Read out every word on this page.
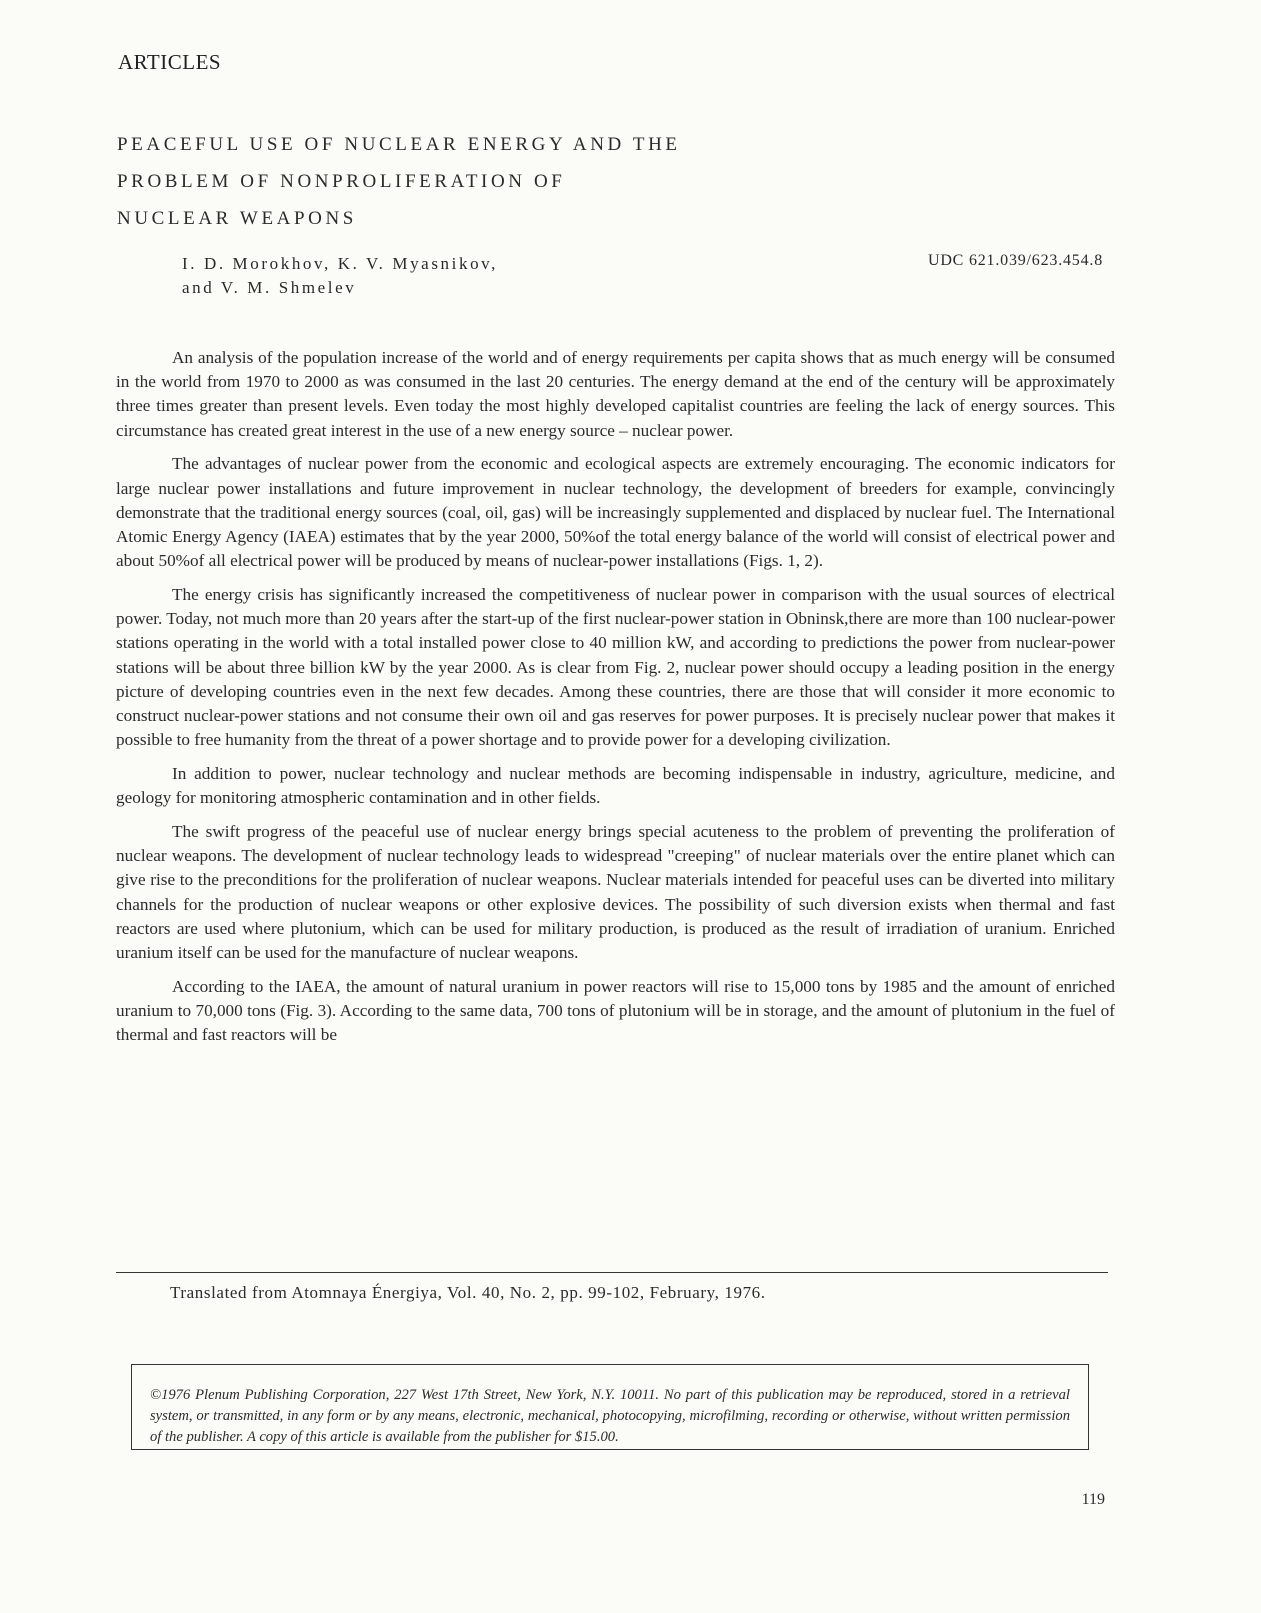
ARTICLES
PEACEFUL USE OF NUCLEAR ENERGY AND THE
PROBLEM OF NONPROLIFERATION OF
NUCLEAR WEAPONS
I. D. Morokhov, K. V. Myasnikov,
and V. M. Shmelev
UDC 621.039/623.454.8

An analysis of the population increase of the world and of energy requirements per capita shows that as much energy will be consumed in the world from 1970 to 2000 as was consumed in the last 20 centuries. The energy demand at the end of the century will be approximately three times greater than present levels. Even today the most highly developed capitalist countries are feeling the lack of energy sources. This circumstance has created great interest in the use of a new energy source – nuclear power.

The advantages of nuclear power from the economic and ecological aspects are extremely encouraging. The economic indicators for large nuclear power installations and future improvement in nuclear technology, the development of breeders for example, convincingly demonstrate that the traditional energy sources (coal, oil, gas) will be increasingly supplemented and displaced by nuclear fuel. The International Atomic Energy Agency (IAEA) estimates that by the year 2000, 50%of the total energy balance of the world will consist of electrical power and about 50%of all electrical power will be produced by means of nuclear-power installations (Figs. 1, 2).

The energy crisis has significantly increased the competitiveness of nuclear power in comparison with the usual sources of electrical power. Today, not much more than 20 years after the start-up of the first nuclear-power station in Obninsk,there are more than 100 nuclear-power stations operating in the world with a total installed power close to 40 million kW, and according to predictions the power from nuclear-power stations will be about three billion kW by the year 2000. As is clear from Fig. 2, nuclear power should occupy a leading position in the energy picture of developing countries even in the next few decades. Among these countries, there are those that will consider it more economic to construct nuclear-power stations and not consume their own oil and gas reserves for power purposes. It is precisely nuclear power that makes it possible to free humanity from the threat of a power shortage and to provide power for a developing civilization.

In addition to power, nuclear technology and nuclear methods are becoming indispensable in industry, agriculture, medicine, and geology for monitoring atmospheric contamination and in other fields.

The swift progress of the peaceful use of nuclear energy brings special acuteness to the problem of preventing the proliferation of nuclear weapons. The development of nuclear technology leads to widespread "creeping" of nuclear materials over the entire planet which can give rise to the preconditions for the proliferation of nuclear weapons. Nuclear materials intended for peaceful uses can be diverted into military channels for the production of nuclear weapons or other explosive devices. The possibility of such diversion exists when thermal and fast reactors are used where plutonium, which can be used for military production, is produced as the result of irradiation of uranium. Enriched uranium itself can be used for the manufacture of nuclear weapons.

According to the IAEA, the amount of natural uranium in power reactors will rise to 15,000 tons by 1985 and the amount of enriched uranium to 70,000 tons (Fig. 3). According to the same data, 700 tons of plutonium will be in storage, and the amount of plutonium in the fuel of thermal and fast reactors will be

Translated from Atomnaya Énergiya, Vol. 40, No. 2, pp. 99-102, February, 1976.
©1976 Plenum Publishing Corporation, 227 West 17th Street, New York, N.Y. 10011. No part of this publication may be reproduced, stored in a retrieval system, or transmitted, in any form or by any means, electronic, mechanical, photocopying, microfilming, recording or otherwise, without written permission of the publisher. A copy of this article is available from the publisher for $15.00.
119
